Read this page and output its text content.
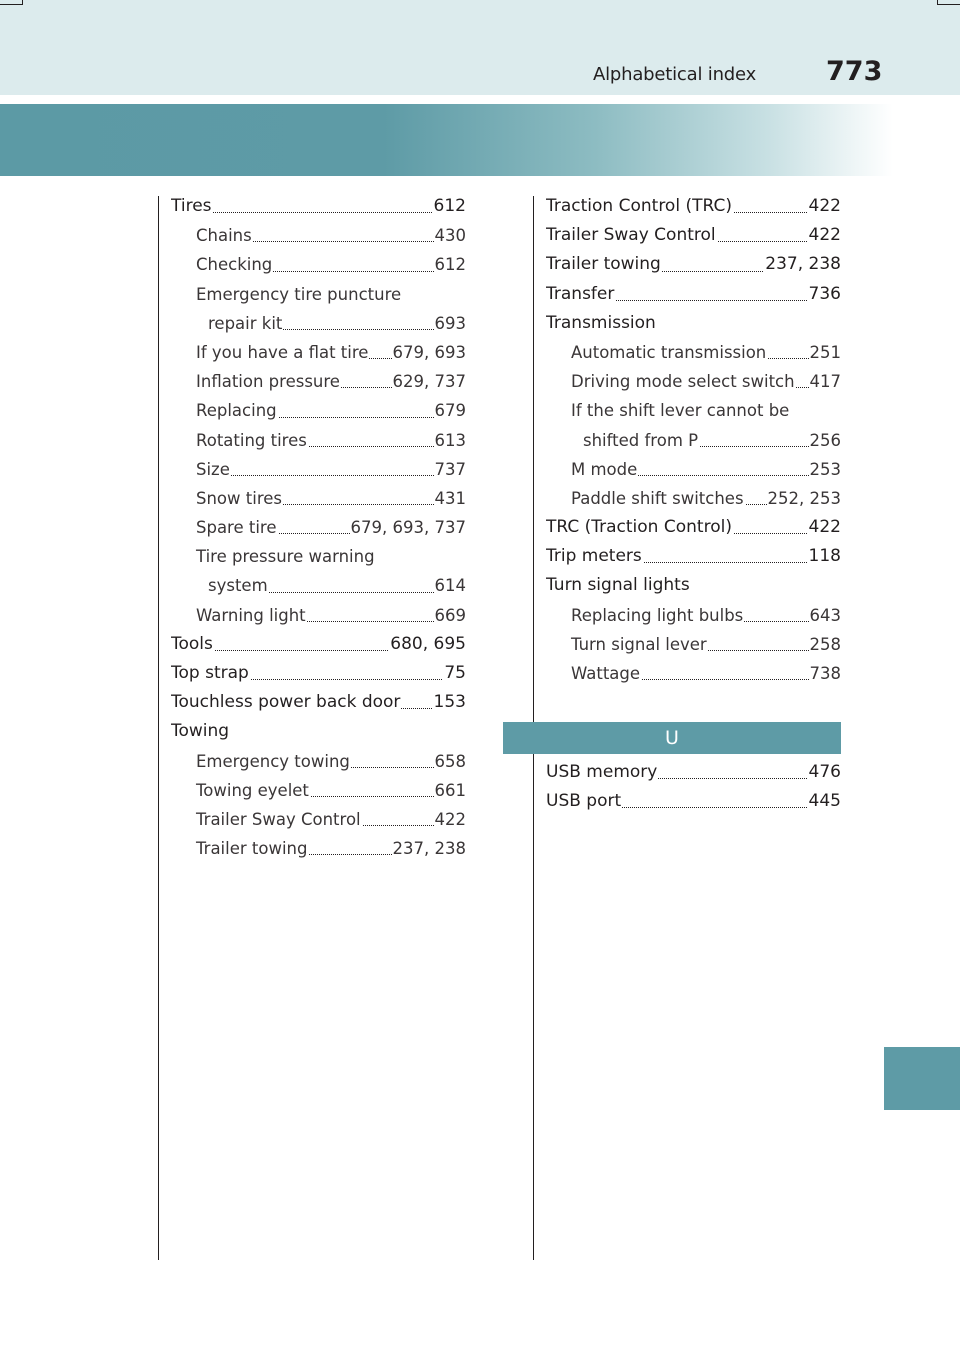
Alphabetical index	773
Tires	612
Chains	430
Checking	612
Emergency tire puncture
repair kit	693
If you have a flat tire 679, 693
Inflation pressure	629, 737
Replacing	679
Rotating tires	613
Size	737
Snow tires	431
Spare tire	679, 693, 737
Tire pressure warning
system	614
Warning light	669
Tools	680, 695
Top strap	75
Touchless power back door 153
Towing
Emergency towing	658
Towing eyelet	661
Trailer Sway Control	422
Trailer towing	237, 238
Traction Control (TRC)	422
Trailer Sway Control	422
Trailer towing	237, 238
Transfer	736
Transmission
Automatic transmission	251
Driving mode select switch 417
If the shift lever cannot be
shifted from P	256
M mode	253
Paddle shift switches 252, 253
TRC (Traction Control)	422
Trip meters	118
Turn signal lights
Replacing light bulbs	643
Turn signal lever	258
Wattage	738
U
USB memory	476
USB port	445
